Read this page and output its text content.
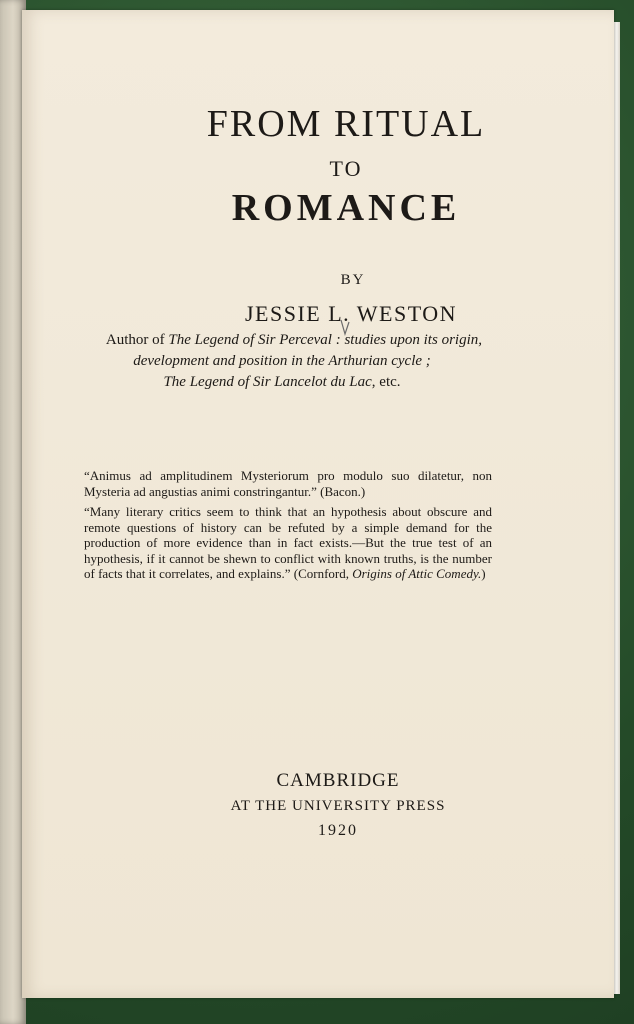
FROM RITUAL
TO
ROMANCE
BY
JESSIE L. WESTON
Author of The Legend of Sir Perceval : studies upon its origin,
development and position in the Arthurian cycle ;
The Legend of Sir Lancelot du Lac, etc.

“Animus ad amplitudinem Mysteriorum pro modulo suo dilatetur, non Mysteria ad angustias animi constringantur.” (Bacon.)

“Many literary critics seem to think that an hypothesis about obscure and remote questions of history can be refuted by a simple demand for the production of more evidence than in fact exists.—But the true test of an hypothesis, if it cannot be shewn to conflict with known truths, is the number of facts that it correlates, and explains.” (Cornford, Origins of Attic Comedy.)

CAMBRIDGE
AT THE UNIVERSITY PRESS
1920
